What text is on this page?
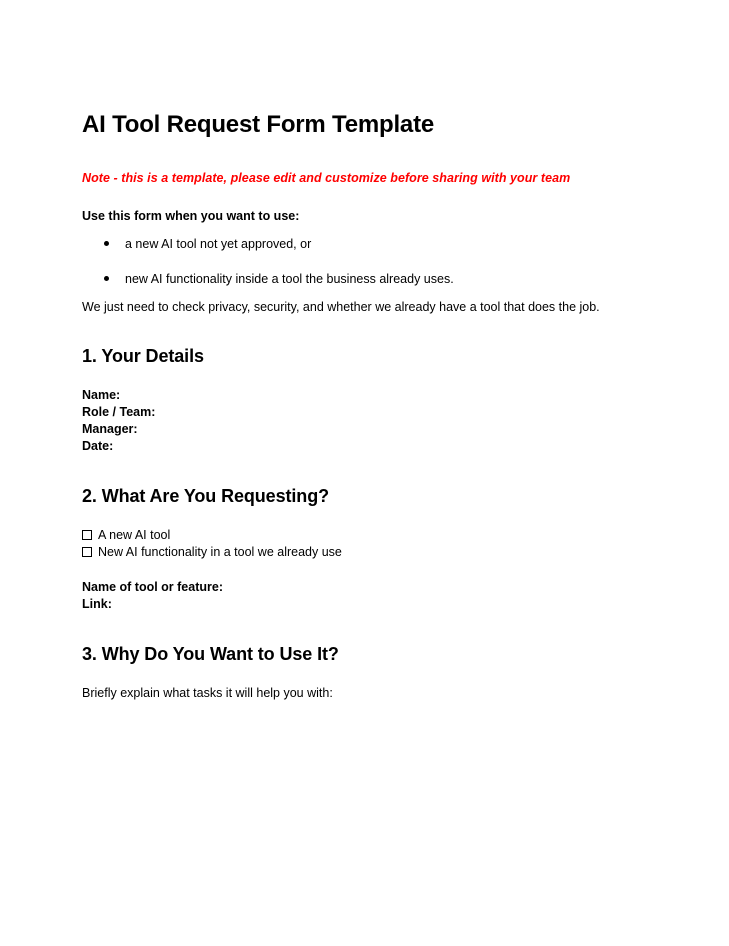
AI Tool Request Form Template

Note - this is a template, please edit and customize before sharing with your team

Use this form when you want to use:

a new AI tool not yet approved, or
new AI functionality inside a tool the business already uses.

We just need to check privacy, security, and whether we already have a tool that does the job.

1. Your Details

Name:

Role / Team:

Manager:

Date:

2. What Are You Requesting?
A new AI tool
New AI functionality in a tool we already use

Name of tool or feature:

Link:

3. Why Do You Want to Use It?

Briefly explain what tasks it will help you with:
